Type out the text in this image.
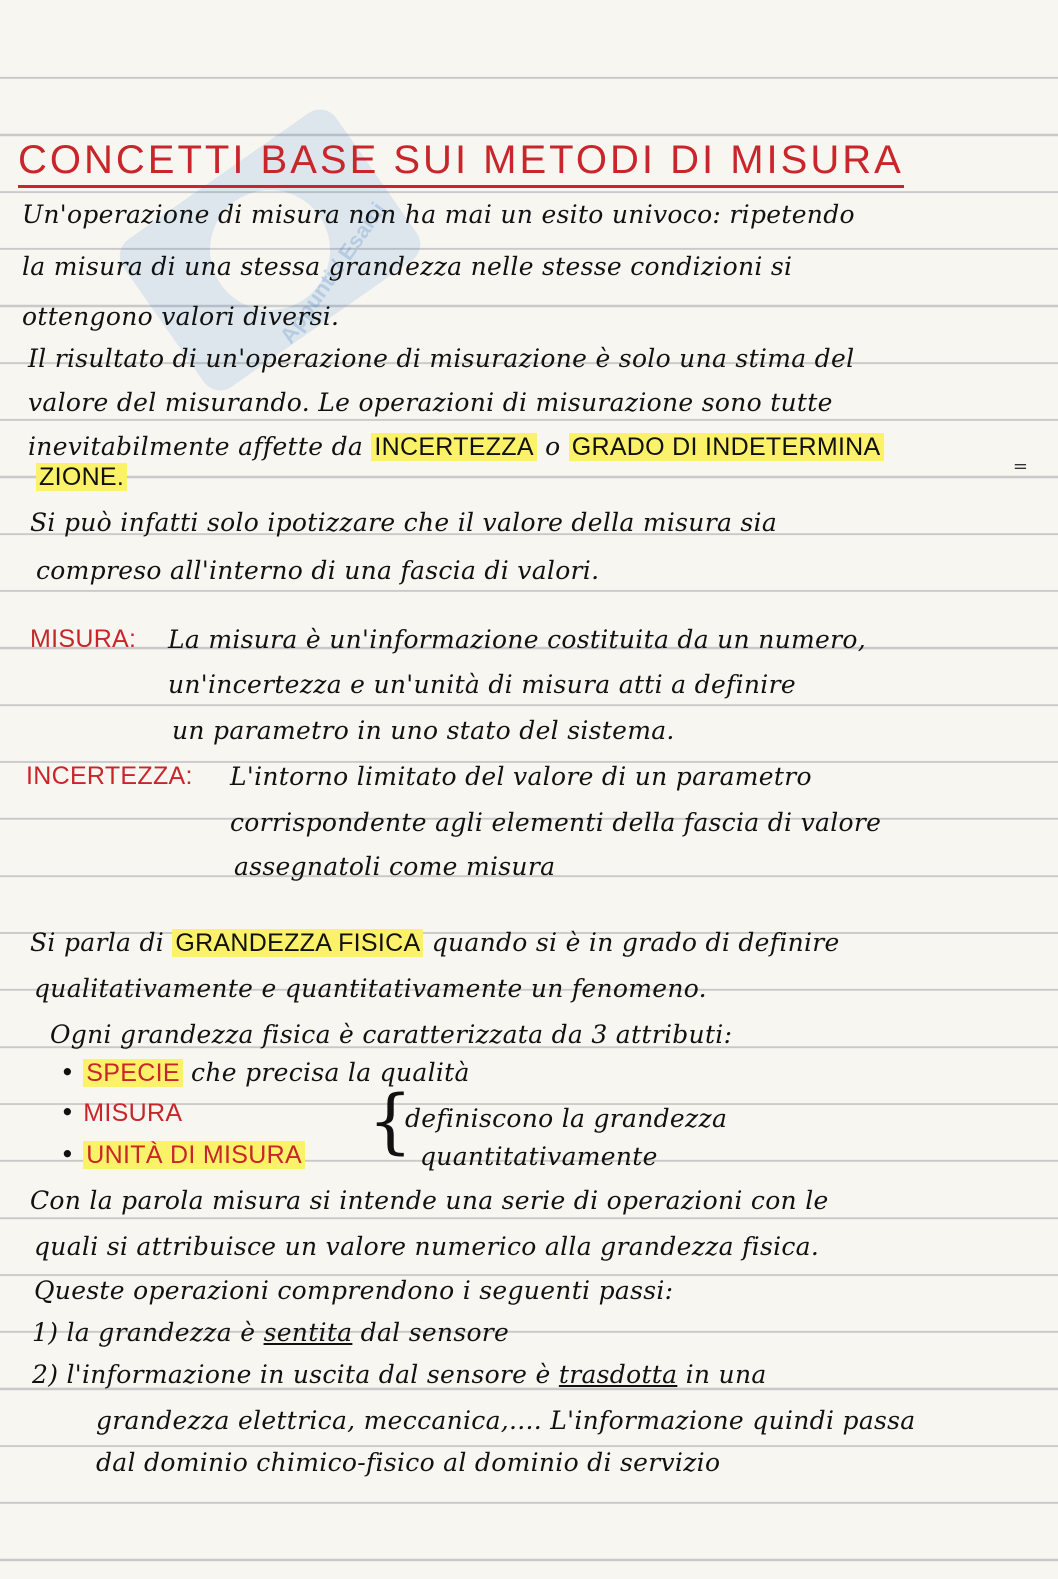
Appunti / Esami
CONCETTI BASE SUI METODI DI MISURA
Un'operazione di misura non ha mai un esito univoco: ripetendo
la misura di una stessa grandezza nelle stesse condizioni si
ottengono valori diversi.
Il risultato di un'operazione di misurazione è solo una stima del
valore del misurando. Le operazioni di misurazione sono tutte
inevitabilmente affette da INCERTEZZA o GRADO DI INDETERMINA
ZIONE.	=
Si può infatti solo ipotizzare che il valore della misura sia
compreso all'interno di una fascia di valori.
MISURA: La misura è un'informazione costituita da un numero,
un'incertezza e un'unità di misura atti a definire
un parametro in uno stato del sistema.
INCERTEZZA: L'intorno limitato del valore di un parametro
corrispondente agli elementi della fascia di valore
assegnatoli come misura
Si parla di GRANDEZZA FISICA quando si è in grado di definire
qualitativamente e quantitativamente un fenomeno.
Ogni grandezza fisica è caratterizzata da 3 attributi:
• SPECIE che precisa la qualità
• MISURA
• UNITÀ DI MISURA {
definiscono la grandezza
quantitativamente
Con la parola misura si intende una serie di operazioni con le
quali si attribuisce un valore numerico alla grandezza fisica.
Queste operazioni comprendono i seguenti passi:
1) la grandezza è sentita dal sensore
2) l'informazione in uscita dal sensore è trasdotta in una
grandezza elettrica, meccanica,.... L'informazione quindi passa
dal dominio chimico-fisico al dominio di servizio
